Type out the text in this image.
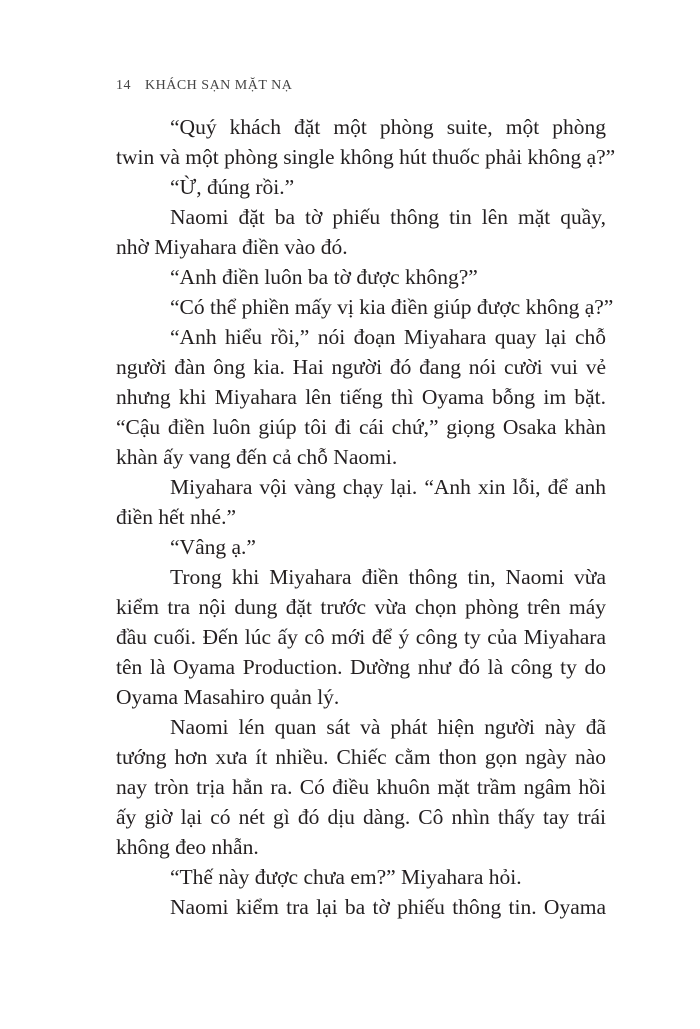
14 KHÁCH SẠN MẶT NẠ
“Quý khách đặt một phòng suite, một phòng
twin và một phòng single không hút thuốc phải không ạ?”
“Ừ, đúng rồi.”
Naomi đặt ba tờ phiếu thông tin lên mặt quầy,
nhờ Miyahara điền vào đó.
“Anh điền luôn ba tờ được không?”
“Có thể phiền mấy vị kia điền giúp được không ạ?”
“Anh hiểu rồi,” nói đoạn Miyahara quay lại chỗ
người đàn ông kia. Hai người đó đang nói cười vui vẻ
nhưng khi Miyahara lên tiếng thì Oyama bỗng im bặt.
“Cậu điền luôn giúp tôi đi cái chứ,” giọng Osaka khàn
khàn ấy vang đến cả chỗ Naomi.
Miyahara vội vàng chạy lại. “Anh xin lỗi, để anh
điền hết nhé.”
“Vâng ạ.”
Trong khi Miyahara điền thông tin, Naomi vừa
kiểm tra nội dung đặt trước vừa chọn phòng trên máy
đầu cuối. Đến lúc ấy cô mới để ý công ty của Miyahara
tên là Oyama Production. Dường như đó là công ty do
Oyama Masahiro quản lý.
Naomi lén quan sát và phát hiện người này đã
tướng hơn xưa ít nhiều. Chiếc cằm thon gọn ngày nào
nay tròn trịa hẳn ra. Có điều khuôn mặt trầm ngâm hồi
ấy giờ lại có nét gì đó dịu dàng. Cô nhìn thấy tay trái
không đeo nhẫn.
“Thế này được chưa em?” Miyahara hỏi.
Naomi kiểm tra lại ba tờ phiếu thông tin. Oyama
